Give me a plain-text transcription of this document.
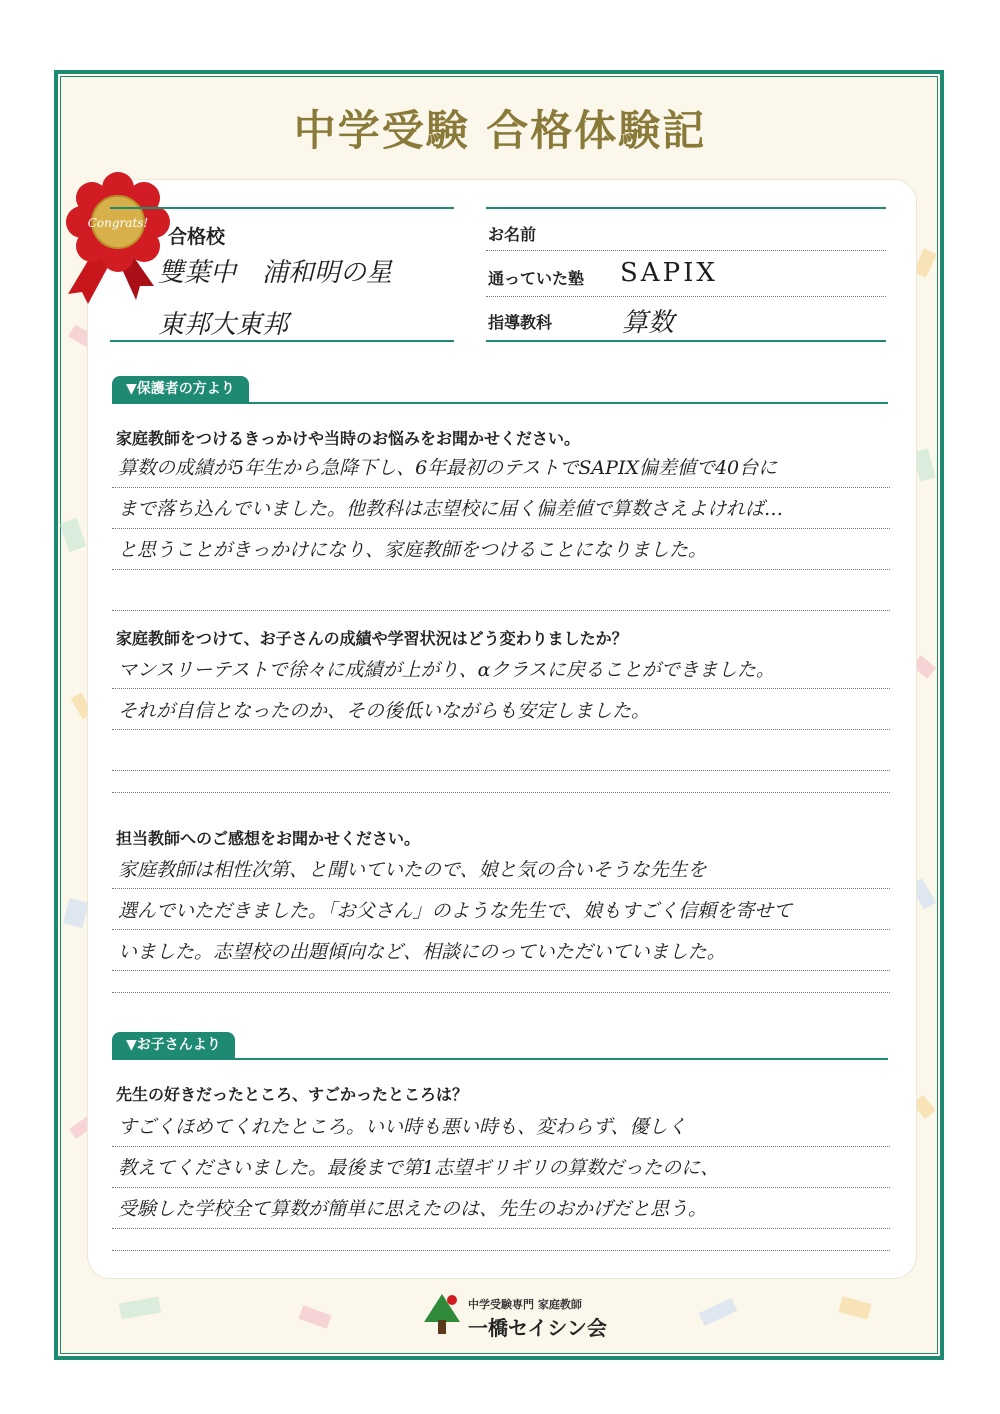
中学受験 合格体験記
Congrats!
合格校
雙葉中　浦和明の星
東邦大東邦
お名前
通っていた塾 SAPIX
指導教科	算数
▼保護者の方より
家庭教師をつけるきっかけや当時のお悩みをお聞かせください。
算数の成績が5年生から急降下し、6年最初のテストでSAPIX偏差値で40台に
まで落ち込んでいました。他教科は志望校に届く偏差値で算数さえよければ…
と思うことがきっかけになり、家庭教師をつけることになりました。
家庭教師をつけて、お子さんの成績や学習状況はどう変わりましたか？
マンスリーテストで徐々に成績が上がり、αクラスに戻ることができました。
それが自信となったのか、その後低いながらも安定しました。
担当教師へのご感想をお聞かせください。
家庭教師は相性次第、と聞いていたので、娘と気の合いそうな先生を
選んでいただきました。「お父さん」のような先生で、娘もすごく信頼を寄せて
いました。志望校の出題傾向など、相談にのっていただいていました。
▼お子さんより
先生の好きだったところ、すごかったところは？
すごくほめてくれたところ。いい時も悪い時も、変わらず、優しく
教えてくださいました。最後まで第1志望ギリギリの算数だったのに、
受験した学校全て算数が簡単に思えたのは、先生のおかげだと思う。
中学受験専門 家庭教師
一橋セイシン会
